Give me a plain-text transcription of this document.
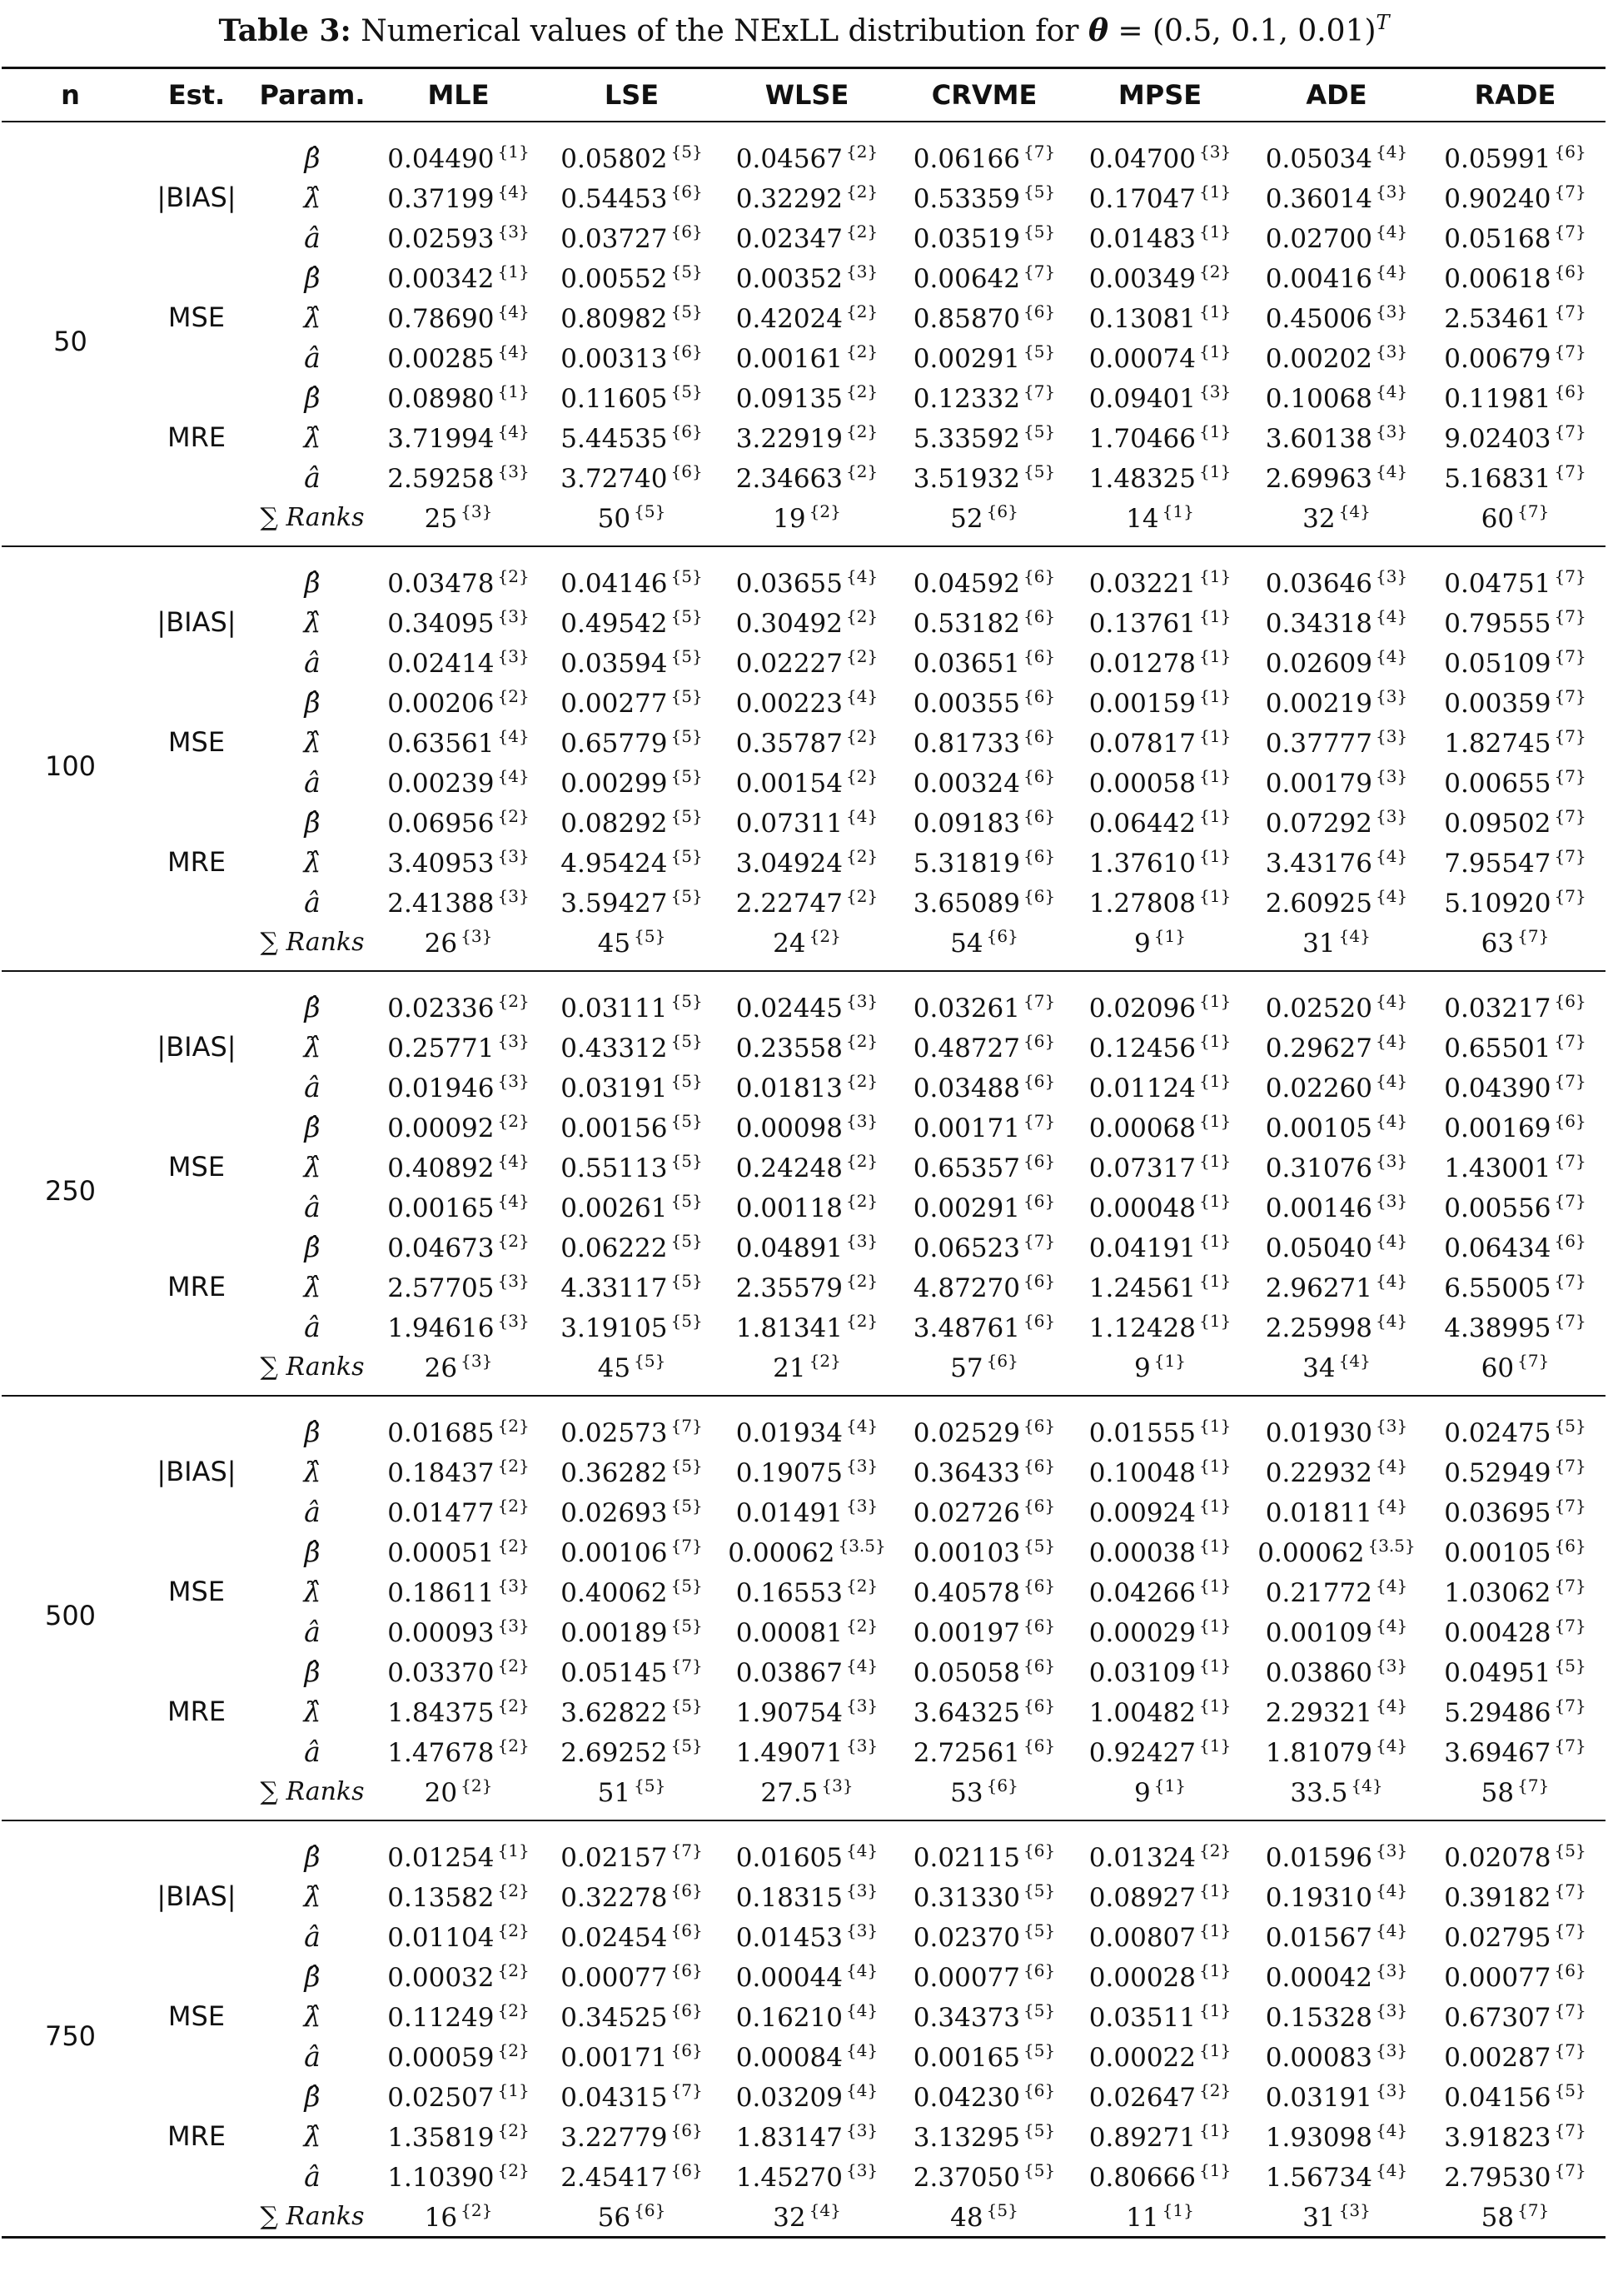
Table 3: Numerical values of the NExLL distribution for θ = (0.5, 0.1, 0.01)$^T$
n	Est.	Param.	MLE	LSE	WLSE	CRVME	MPSE	ADE	RADE
50	|BIAS|	β̂	0.04490 $^{\{1\}}$	0.05802 $^{\{5\}}$	0.04567 $^{\{2\}}$	0.06166 $^{\{7\}}$	0.04700 $^{\{3\}}$	0.05034 $^{\{4\}}$	0.05991 $^{\{6\}}$
		λ̂	0.37199 $^{\{4\}}$	0.54453 $^{\{6\}}$	0.32292 $^{\{2\}}$	0.53359 $^{\{5\}}$	0.17047 $^{\{1\}}$	0.36014 $^{\{3\}}$	0.90240 $^{\{7\}}$
		â	0.02593 $^{\{3\}}$	0.03727 $^{\{6\}}$	0.02347 $^{\{2\}}$	0.03519 $^{\{5\}}$	0.01483 $^{\{1\}}$	0.02700 $^{\{4\}}$	0.05168 $^{\{7\}}$
	MSE	β̂	0.00342 $^{\{1\}}$	0.00552 $^{\{5\}}$	0.00352 $^{\{3\}}$	0.00642 $^{\{7\}}$	0.00349 $^{\{2\}}$	0.00416 $^{\{4\}}$	0.00618 $^{\{6\}}$
		λ̂	0.78690 $^{\{4\}}$	0.80982 $^{\{5\}}$	0.42024 $^{\{2\}}$	0.85870 $^{\{6\}}$	0.13081 $^{\{1\}}$	0.45006 $^{\{3\}}$	2.53461 $^{\{7\}}$
		â	0.00285 $^{\{4\}}$	0.00313 $^{\{6\}}$	0.00161 $^{\{2\}}$	0.00291 $^{\{5\}}$	0.00074 $^{\{1\}}$	0.00202 $^{\{3\}}$	0.00679 $^{\{7\}}$
	MRE	β̂	0.08980 $^{\{1\}}$	0.11605 $^{\{5\}}$	0.09135 $^{\{2\}}$	0.12332 $^{\{7\}}$	0.09401 $^{\{3\}}$	0.10068 $^{\{4\}}$	0.11981 $^{\{6\}}$
		λ̂	3.71994 $^{\{4\}}$	5.44535 $^{\{6\}}$	3.22919 $^{\{2\}}$	5.33592 $^{\{5\}}$	1.70466 $^{\{1\}}$	3.60138 $^{\{3\}}$	9.02403 $^{\{7\}}$
		â	2.59258 $^{\{3\}}$	3.72740 $^{\{6\}}$	2.34663 $^{\{2\}}$	3.51932 $^{\{5\}}$	1.48325 $^{\{1\}}$	2.69963 $^{\{4\}}$	5.16831 $^{\{7\}}$
		∑ Ranks	25 $^{\{3\}}$	50 $^{\{5\}}$	19 $^{\{2\}}$	52 $^{\{6\}}$	14 $^{\{1\}}$	32 $^{\{4\}}$	60 $^{\{7\}}$
100	|BIAS|	β̂	0.03478 $^{\{2\}}$	0.04146 $^{\{5\}}$	0.03655 $^{\{4\}}$	0.04592 $^{\{6\}}$	0.03221 $^{\{1\}}$	0.03646 $^{\{3\}}$	0.04751 $^{\{7\}}$
		λ̂	0.34095 $^{\{3\}}$	0.49542 $^{\{5\}}$	0.30492 $^{\{2\}}$	0.53182 $^{\{6\}}$	0.13761 $^{\{1\}}$	0.34318 $^{\{4\}}$	0.79555 $^{\{7\}}$
		â	0.02414 $^{\{3\}}$	0.03594 $^{\{5\}}$	0.02227 $^{\{2\}}$	0.03651 $^{\{6\}}$	0.01278 $^{\{1\}}$	0.02609 $^{\{4\}}$	0.05109 $^{\{7\}}$
	MSE	β̂	0.00206 $^{\{2\}}$	0.00277 $^{\{5\}}$	0.00223 $^{\{4\}}$	0.00355 $^{\{6\}}$	0.00159 $^{\{1\}}$	0.00219 $^{\{3\}}$	0.00359 $^{\{7\}}$
		λ̂	0.63561 $^{\{4\}}$	0.65779 $^{\{5\}}$	0.35787 $^{\{2\}}$	0.81733 $^{\{6\}}$	0.07817 $^{\{1\}}$	0.37777 $^{\{3\}}$	1.82745 $^{\{7\}}$
		â	0.00239 $^{\{4\}}$	0.00299 $^{\{5\}}$	0.00154 $^{\{2\}}$	0.00324 $^{\{6\}}$	0.00058 $^{\{1\}}$	0.00179 $^{\{3\}}$	0.00655 $^{\{7\}}$
	MRE	β̂	0.06956 $^{\{2\}}$	0.08292 $^{\{5\}}$	0.07311 $^{\{4\}}$	0.09183 $^{\{6\}}$	0.06442 $^{\{1\}}$	0.07292 $^{\{3\}}$	0.09502 $^{\{7\}}$
		λ̂	3.40953 $^{\{3\}}$	4.95424 $^{\{5\}}$	3.04924 $^{\{2\}}$	5.31819 $^{\{6\}}$	1.37610 $^{\{1\}}$	3.43176 $^{\{4\}}$	7.95547 $^{\{7\}}$
		â	2.41388 $^{\{3\}}$	3.59427 $^{\{5\}}$	2.22747 $^{\{2\}}$	3.65089 $^{\{6\}}$	1.27808 $^{\{1\}}$	2.60925 $^{\{4\}}$	5.10920 $^{\{7\}}$
		∑ Ranks	26 $^{\{3\}}$	45 $^{\{5\}}$	24 $^{\{2\}}$	54 $^{\{6\}}$	9 $^{\{1\}}$	31 $^{\{4\}}$	63 $^{\{7\}}$
250	|BIAS|	β̂	0.02336 $^{\{2\}}$	0.03111 $^{\{5\}}$	0.02445 $^{\{3\}}$	0.03261 $^{\{7\}}$	0.02096 $^{\{1\}}$	0.02520 $^{\{4\}}$	0.03217 $^{\{6\}}$
		λ̂	0.25771 $^{\{3\}}$	0.43312 $^{\{5\}}$	0.23558 $^{\{2\}}$	0.48727 $^{\{6\}}$	0.12456 $^{\{1\}}$	0.29627 $^{\{4\}}$	0.65501 $^{\{7\}}$
		â	0.01946 $^{\{3\}}$	0.03191 $^{\{5\}}$	0.01813 $^{\{2\}}$	0.03488 $^{\{6\}}$	0.01124 $^{\{1\}}$	0.02260 $^{\{4\}}$	0.04390 $^{\{7\}}$
	MSE	β̂	0.00092 $^{\{2\}}$	0.00156 $^{\{5\}}$	0.00098 $^{\{3\}}$	0.00171 $^{\{7\}}$	0.00068 $^{\{1\}}$	0.00105 $^{\{4\}}$	0.00169 $^{\{6\}}$
		λ̂	0.40892 $^{\{4\}}$	0.55113 $^{\{5\}}$	0.24248 $^{\{2\}}$	0.65357 $^{\{6\}}$	0.07317 $^{\{1\}}$	0.31076 $^{\{3\}}$	1.43001 $^{\{7\}}$
		â	0.00165 $^{\{4\}}$	0.00261 $^{\{5\}}$	0.00118 $^{\{2\}}$	0.00291 $^{\{6\}}$	0.00048 $^{\{1\}}$	0.00146 $^{\{3\}}$	0.00556 $^{\{7\}}$
	MRE	β̂	0.04673 $^{\{2\}}$	0.06222 $^{\{5\}}$	0.04891 $^{\{3\}}$	0.06523 $^{\{7\}}$	0.04191 $^{\{1\}}$	0.05040 $^{\{4\}}$	0.06434 $^{\{6\}}$
		λ̂	2.57705 $^{\{3\}}$	4.33117 $^{\{5\}}$	2.35579 $^{\{2\}}$	4.87270 $^{\{6\}}$	1.24561 $^{\{1\}}$	2.96271 $^{\{4\}}$	6.55005 $^{\{7\}}$
		â	1.94616 $^{\{3\}}$	3.19105 $^{\{5\}}$	1.81341 $^{\{2\}}$	3.48761 $^{\{6\}}$	1.12428 $^{\{1\}}$	2.25998 $^{\{4\}}$	4.38995 $^{\{7\}}$
		∑ Ranks	26 $^{\{3\}}$	45 $^{\{5\}}$	21 $^{\{2\}}$	57 $^{\{6\}}$	9 $^{\{1\}}$	34 $^{\{4\}}$	60 $^{\{7\}}$
500	|BIAS|	β̂	0.01685 $^{\{2\}}$	0.02573 $^{\{7\}}$	0.01934 $^{\{4\}}$	0.02529 $^{\{6\}}$	0.01555 $^{\{1\}}$	0.01930 $^{\{3\}}$	0.02475 $^{\{5\}}$
		λ̂	0.18437 $^{\{2\}}$	0.36282 $^{\{5\}}$	0.19075 $^{\{3\}}$	0.36433 $^{\{6\}}$	0.10048 $^{\{1\}}$	0.22932 $^{\{4\}}$	0.52949 $^{\{7\}}$
		â	0.01477 $^{\{2\}}$	0.02693 $^{\{5\}}$	0.01491 $^{\{3\}}$	0.02726 $^{\{6\}}$	0.00924 $^{\{1\}}$	0.01811 $^{\{4\}}$	0.03695 $^{\{7\}}$
	MSE	β̂	0.00051 $^{\{2\}}$	0.00106 $^{\{7\}}$	0.00062 $^{\{3.5\}}$	0.00103 $^{\{5\}}$	0.00038 $^{\{1\}}$	0.00062 $^{\{3.5\}}$	0.00105 $^{\{6\}}$
		λ̂	0.18611 $^{\{3\}}$	0.40062 $^{\{5\}}$	0.16553 $^{\{2\}}$	0.40578 $^{\{6\}}$	0.04266 $^{\{1\}}$	0.21772 $^{\{4\}}$	1.03062 $^{\{7\}}$
		â	0.00093 $^{\{3\}}$	0.00189 $^{\{5\}}$	0.00081 $^{\{2\}}$	0.00197 $^{\{6\}}$	0.00029 $^{\{1\}}$	0.00109 $^{\{4\}}$	0.00428 $^{\{7\}}$
	MRE	β̂	0.03370 $^{\{2\}}$	0.05145 $^{\{7\}}$	0.03867 $^{\{4\}}$	0.05058 $^{\{6\}}$	0.03109 $^{\{1\}}$	0.03860 $^{\{3\}}$	0.04951 $^{\{5\}}$
		λ̂	1.84375 $^{\{2\}}$	3.62822 $^{\{5\}}$	1.90754 $^{\{3\}}$	3.64325 $^{\{6\}}$	1.00482 $^{\{1\}}$	2.29321 $^{\{4\}}$	5.29486 $^{\{7\}}$
		â	1.47678 $^{\{2\}}$	2.69252 $^{\{5\}}$	1.49071 $^{\{3\}}$	2.72561 $^{\{6\}}$	0.92427 $^{\{1\}}$	1.81079 $^{\{4\}}$	3.69467 $^{\{7\}}$
		∑ Ranks	20 $^{\{2\}}$	51 $^{\{5\}}$	27.5 $^{\{3\}}$	53 $^{\{6\}}$	9 $^{\{1\}}$	33.5 $^{\{4\}}$	58 $^{\{7\}}$
750	|BIAS|	β̂	0.01254 $^{\{1\}}$	0.02157 $^{\{7\}}$	0.01605 $^{\{4\}}$	0.02115 $^{\{6\}}$	0.01324 $^{\{2\}}$	0.01596 $^{\{3\}}$	0.02078 $^{\{5\}}$
		λ̂	0.13582 $^{\{2\}}$	0.32278 $^{\{6\}}$	0.18315 $^{\{3\}}$	0.31330 $^{\{5\}}$	0.08927 $^{\{1\}}$	0.19310 $^{\{4\}}$	0.39182 $^{\{7\}}$
		â	0.01104 $^{\{2\}}$	0.02454 $^{\{6\}}$	0.01453 $^{\{3\}}$	0.02370 $^{\{5\}}$	0.00807 $^{\{1\}}$	0.01567 $^{\{4\}}$	0.02795 $^{\{7\}}$
	MSE	β̂	0.00032 $^{\{2\}}$	0.00077 $^{\{6\}}$	0.00044 $^{\{4\}}$	0.00077 $^{\{6\}}$	0.00028 $^{\{1\}}$	0.00042 $^{\{3\}}$	0.00077 $^{\{6\}}$
		λ̂	0.11249 $^{\{2\}}$	0.34525 $^{\{6\}}$	0.16210 $^{\{4\}}$	0.34373 $^{\{5\}}$	0.03511 $^{\{1\}}$	0.15328 $^{\{3\}}$	0.67307 $^{\{7\}}$
		â	0.00059 $^{\{2\}}$	0.00171 $^{\{6\}}$	0.00084 $^{\{4\}}$	0.00165 $^{\{5\}}$	0.00022 $^{\{1\}}$	0.00083 $^{\{3\}}$	0.00287 $^{\{7\}}$
	MRE	β̂	0.02507 $^{\{1\}}$	0.04315 $^{\{7\}}$	0.03209 $^{\{4\}}$	0.04230 $^{\{6\}}$	0.02647 $^{\{2\}}$	0.03191 $^{\{3\}}$	0.04156 $^{\{5\}}$
		λ̂	1.35819 $^{\{2\}}$	3.22779 $^{\{6\}}$	1.83147 $^{\{3\}}$	3.13295 $^{\{5\}}$	0.89271 $^{\{1\}}$	1.93098 $^{\{4\}}$	3.91823 $^{\{7\}}$
		â	1.10390 $^{\{2\}}$	2.45417 $^{\{6\}}$	1.45270 $^{\{3\}}$	2.37050 $^{\{5\}}$	0.80666 $^{\{1\}}$	1.56734 $^{\{4\}}$	2.79530 $^{\{7\}}$
		∑ Ranks	16 $^{\{2\}}$	56 $^{\{6\}}$	32 $^{\{4\}}$	48 $^{\{5\}}$	11 $^{\{1\}}$	31 $^{\{3\}}$	58 $^{\{7\}}$
